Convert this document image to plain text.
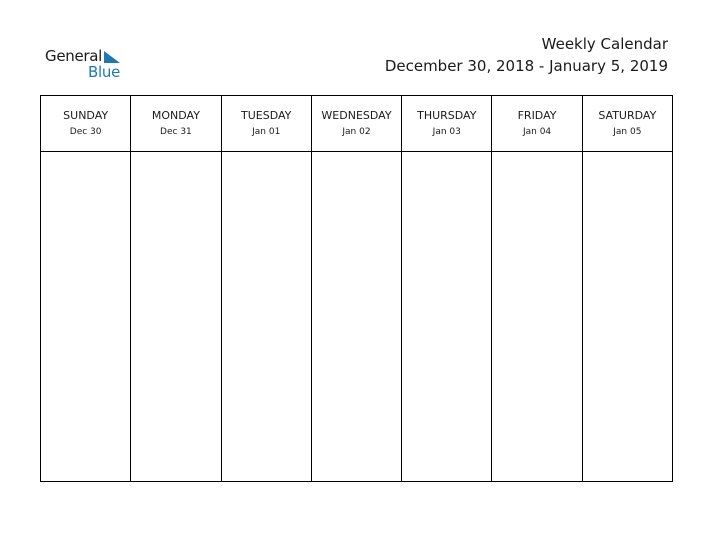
General
Blue
Weekly Calendar
December 30, 2018 - January 5, 2019
SUNDAY
Dec 30
MONDAY
Dec 31
TUESDAY
Jan 01
WEDNESDAY
Jan 02
THURSDAY
Jan 03
FRIDAY
Jan 04
SATURDAY
Jan 05
